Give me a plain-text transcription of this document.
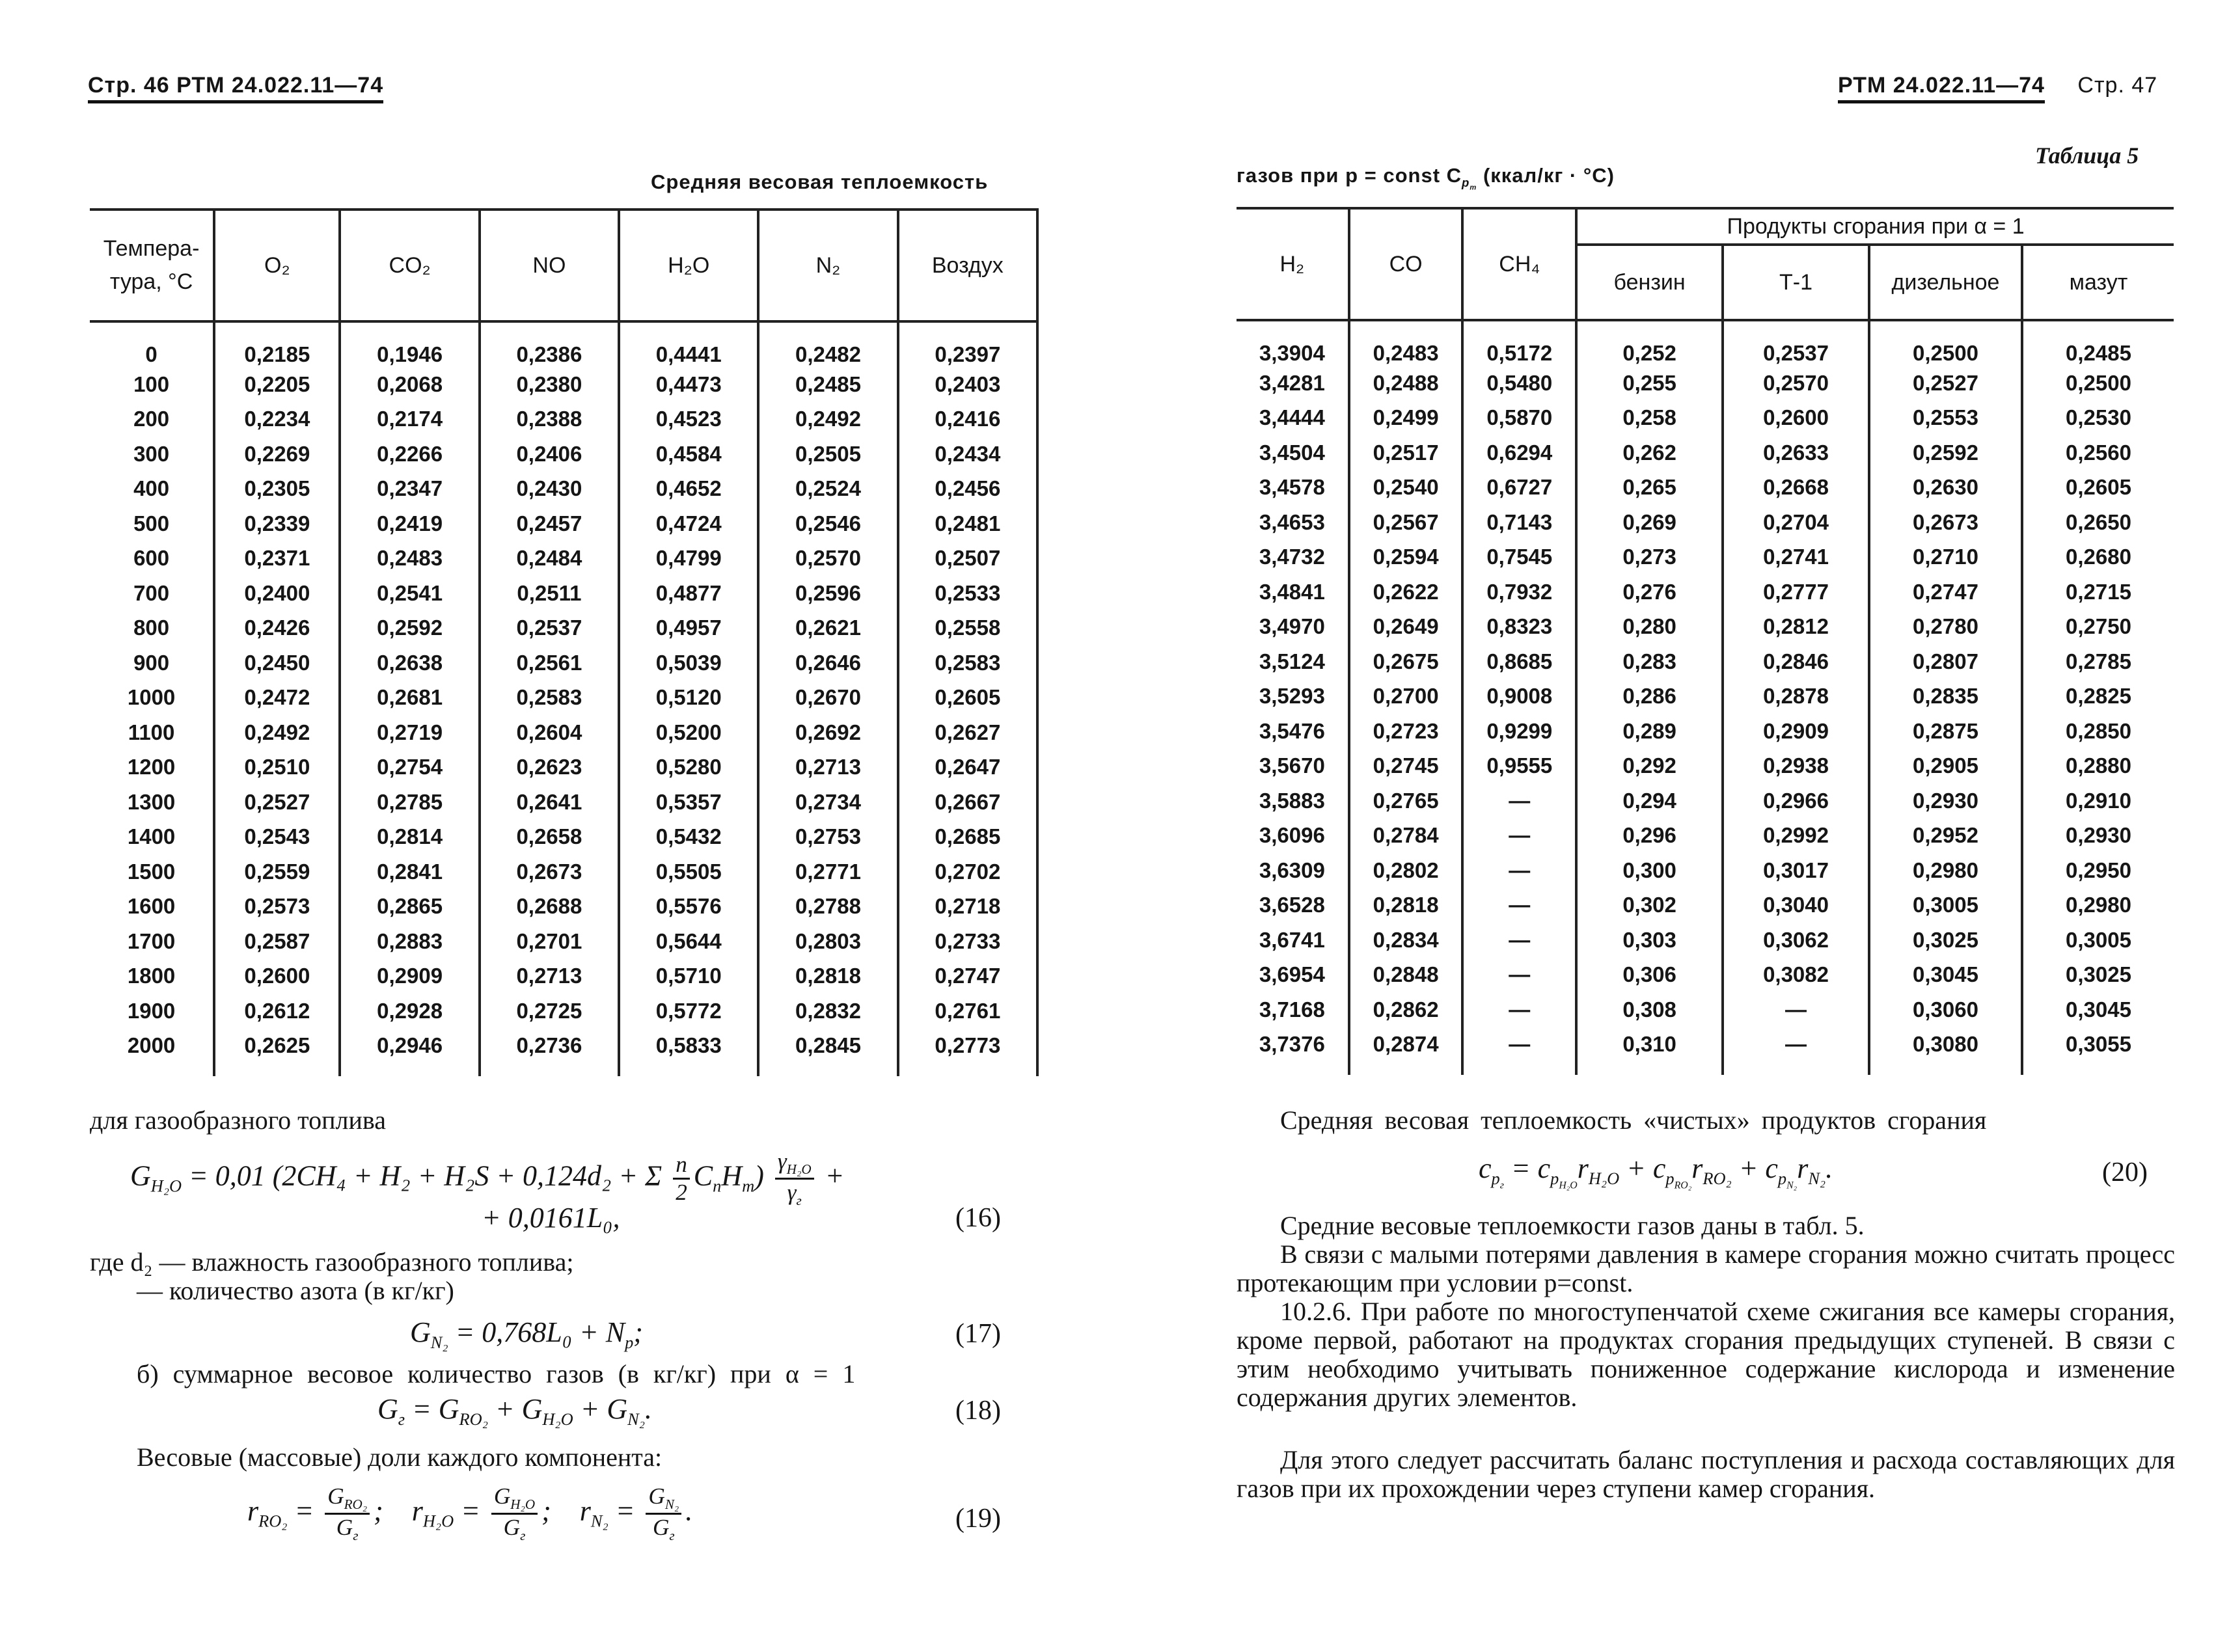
Стр. 46 РТМ 24.022.11—74
Средняя весовая теплоемкость
Темпера-тура, °С	O₂	CO₂	NO	H₂O	N₂	Воздух
0	0,2185	0,1946	0,2386	0,4441	0,2482	0,2397
100	0,2205	0,2068	0,2380	0,4473	0,2485	0,2403
200	0,2234	0,2174	0,2388	0,4523	0,2492	0,2416
300	0,2269	0,2266	0,2406	0,4584	0,2505	0,2434
400	0,2305	0,2347	0,2430	0,4652	0,2524	0,2456
500	0,2339	0,2419	0,2457	0,4724	0,2546	0,2481
600	0,2371	0,2483	0,2484	0,4799	0,2570	0,2507
700	0,2400	0,2541	0,2511	0,4877	0,2596	0,2533
800	0,2426	0,2592	0,2537	0,4957	0,2621	0,2558
900	0,2450	0,2638	0,2561	0,5039	0,2646	0,2583
1000	0,2472	0,2681	0,2583	0,5120	0,2670	0,2605
1100	0,2492	0,2719	0,2604	0,5200	0,2692	0,2627
1200	0,2510	0,2754	0,2623	0,5280	0,2713	0,2647
1300	0,2527	0,2785	0,2641	0,5357	0,2734	0,2667
1400	0,2543	0,2814	0,2658	0,5432	0,2753	0,2685
1500	0,2559	0,2841	0,2673	0,5505	0,2771	0,2702
1600	0,2573	0,2865	0,2688	0,5576	0,2788	0,2718
1700	0,2587	0,2883	0,2701	0,5644	0,2803	0,2733
1800	0,2600	0,2909	0,2713	0,5710	0,2818	0,2747
1900	0,2612	0,2928	0,2725	0,5772	0,2832	0,2761
2000	0,2625	0,2946	0,2736	0,5833	0,2845	0,2773

для газообразного топлива
$G_{H_2O} = 0,01$ (2CH₄ + H₂ + H₂S + 0,124d₂ + Σ $\frac{n}{2} C_nH_m) \frac{\gamma_{H_2O}}{\gamma_г}$ +
+ 0,0161L₀,	(16)
где d₂ — влажность газообразного топлива;
— количество азота (в кг/кг)
$G_{N_2} = 0,768L_0 + N_p$;	(17)
б) суммарное весовое количество газов (в кг/кг) при α = 1
$G_г = G_{RO_2} + G_{H_2O} + G_{N_2}$.	(18)
Весовые (массовые) доли каждого компонента:
$r_{RO_2} = \frac{G_{RO_2}}{G_г}$ ;    $r_{H_2O} = \frac{G_{H_2O}}{G_г}$ ;    $r_{N_2} = \frac{G_{N_2}}{G_г}$ .	(19)
РТМ 24.022.11—74 Стр. 47
Таблица 5
газов при p = const $C_{p_m}$ (ккал/кг · °С)
H₂	CO	CH₄	Продукты сгорания при α = 1			
			бензин	Т-1	дизельное	мазут
3,3904	0,2483	0,5172	0,252	0,2537	0,2500	0,2485
3,4281	0,2488	0,5480	0,255	0,2570	0,2527	0,2500
3,4444	0,2499	0,5870	0,258	0,2600	0,2553	0,2530
3,4504	0,2517	0,6294	0,262	0,2633	0,2592	0,2560
3,4578	0,2540	0,6727	0,265	0,2668	0,2630	0,2605
3,4653	0,2567	0,7143	0,269	0,2704	0,2673	0,2650
3,4732	0,2594	0,7545	0,273	0,2741	0,2710	0,2680
3,4841	0,2622	0,7932	0,276	0,2777	0,2747	0,2715
3,4970	0,2649	0,8323	0,280	0,2812	0,2780	0,2750
3,5124	0,2675	0,8685	0,283	0,2846	0,2807	0,2785
3,5293	0,2700	0,9008	0,286	0,2878	0,2835	0,2825
3,5476	0,2723	0,9299	0,289	0,2909	0,2875	0,2850
3,5670	0,2745	0,9555	0,292	0,2938	0,2905	0,2880
3,5883	0,2765	—	0,294	0,2966	0,2930	0,2910
3,6096	0,2784	—	0,296	0,2992	0,2952	0,2930
3,6309	0,2802	—	0,300	0,3017	0,2980	0,2950
3,6528	0,2818	—	0,302	0,3040	0,3005	0,2980
3,6741	0,2834	—	0,303	0,3062	0,3025	0,3005
3,6954	0,2848	—	0,306	0,3082	0,3045	0,3025
3,7168	0,2862	—	0,308	—	0,3060	0,3045
3,7376	0,2874	—	0,310	—	0,3080	0,3055

Средняя весовая теплоемкость «чистых» продуктов сгорания
$c_{p_г} = c_{p_{H_2O}}r_{H_2O} + c_{p_{RO_2}}r_{RO_2} + c_{p_{N_2}}r_{N_2}$.	(20)
Средние весовые теплоемкости газов даны в табл. 5.
В связи с малыми потерями давления в камере сгорания можно считать процесс протекающим при условии p=const.
10.2.6. При работе по многоступенчатой схеме сжигания все камеры сгорания, кроме первой, работают на продуктах сгорания предыдущих ступеней. В связи с этим необходимо учитывать пониженное содержание кислорода и изменение содержания других элементов.
Для этого следует рассчитать баланс поступления и расхода составляющих для газов при их прохождении через ступени камер сгорания.
